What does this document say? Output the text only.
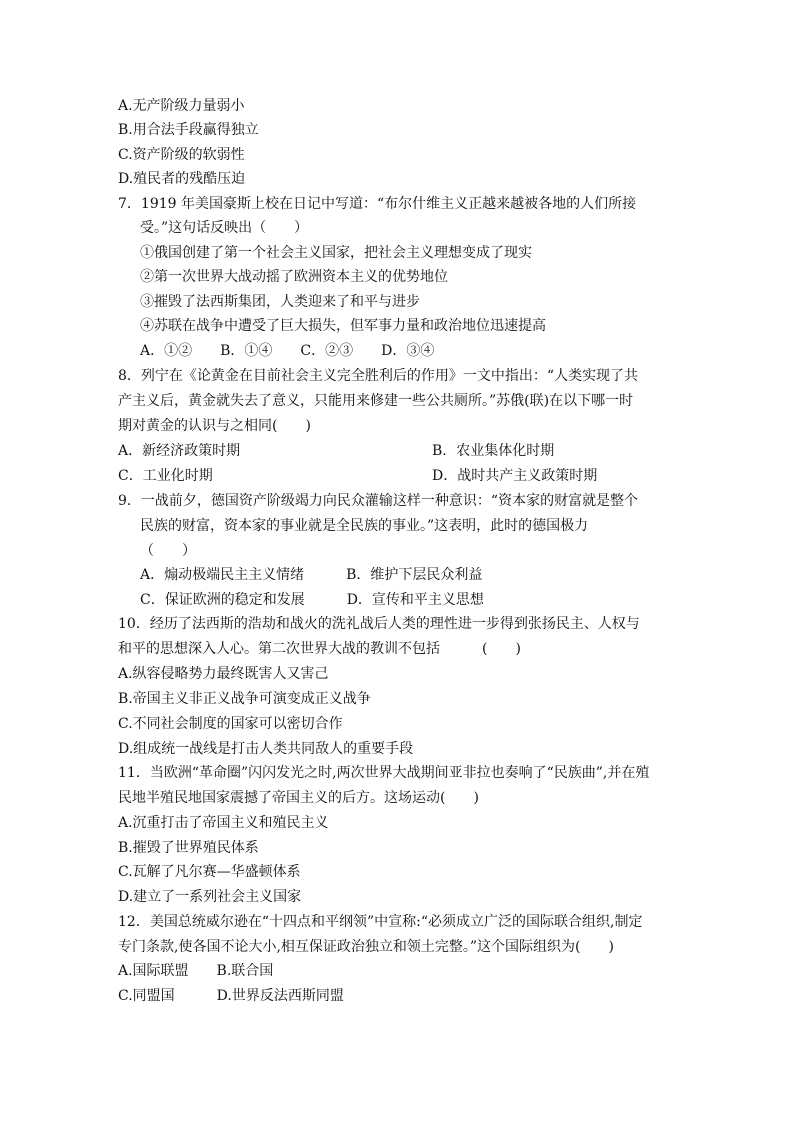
A.无产阶级力量弱小
B.用合法手段赢得独立
C.资产阶级的软弱性
D.殖民者的残酷压迫
7．1919 年美国豪斯上校在日记中写道：“布尔什维主义正越来越被各地的人们所接
受。”这句话反映出（　　）
①俄国创建了第一个社会主义国家，把社会主义理想变成了现实
②第一次世界大战动摇了欧洲资本主义的优势地位
③摧毁了法西斯集团，人类迎来了和平与进步
④苏联在战争中遭受了巨大损失，但军事力量和政治地位迅速提高
A．①②　　B．①④　　C．②③　　D．③④
8．列宁在《论黄金在目前社会主义完全胜利后的作用》一文中指出：“人类实现了共
产主义后，黄金就失去了意义，只能用来修建一些公共厕所。”苏俄(联)在以下哪一时
期对黄金的认识与之相同(　　)
A．新经济政策时期	B．农业集体化时期
C．工业化时期	D．战时共产主义政策时期
9．一战前夕，德国资产阶级竭力向民众灌输这样一种意识：“资本家的财富就是整个
民族的财富，资本家的事业就是全民族的事业。”这表明，此时的德国极力
（　　）
A．煽动极端民主主义情绪　　　B．维护下层民众利益
C．保证欧洲的稳定和发展　　　D．宣传和平主义思想
10．经历了法西斯的浩劫和战火的洗礼战后人类的理性进一步得到张扬民主、人权与
和平的思想深入人心。第二次世界大战的教训不包括　　　(　　)
A.纵容侵略势力最终既害人又害己
B.帝国主义非正义战争可演变成正义战争
C.不同社会制度的国家可以密切合作
D.组成统一战线是打击人类共同敌人的重要手段
11．当欧洲“革命圈”闪闪发光之时,两次世界大战期间亚非拉也奏响了“民族曲”,并在殖
民地半殖民地国家震撼了帝国主义的后方。这场运动(　　)
A.沉重打击了帝国主义和殖民主义
B.摧毁了世界殖民体系
C.瓦解了凡尔赛—华盛顿体系
D.建立了一系列社会主义国家
12．美国总统威尔逊在“十四点和平纲领”中宣称:“必须成立广泛的国际联合组织,制定
专门条款,使各国不论大小,相互保证政治独立和领土完整。”这个国际组织为(　　)
A.国际联盟　　B.联合国
C.同盟国　　　D.世界反法西斯同盟
